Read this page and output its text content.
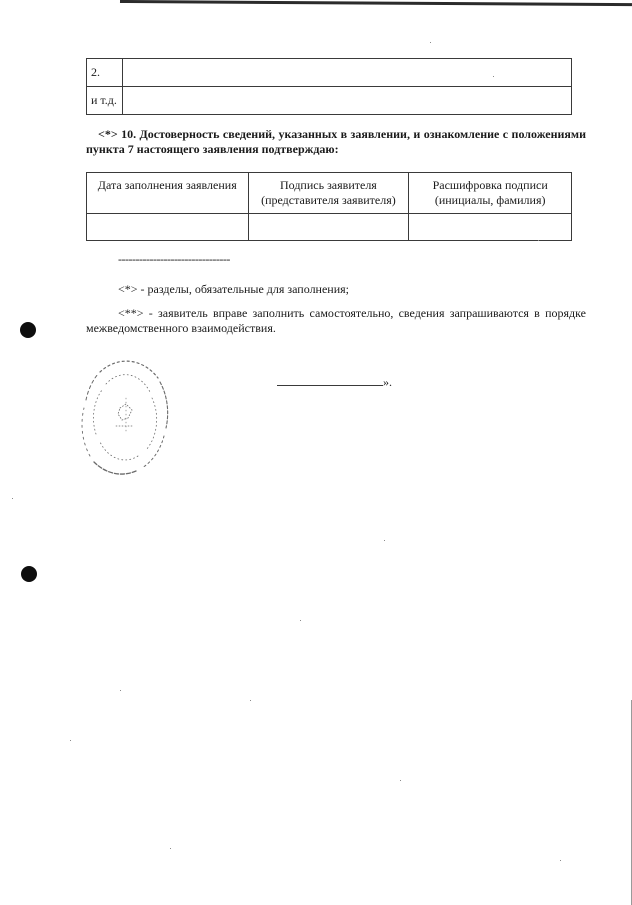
2.	
и т.д.	

<*> 10. Достоверность сведений, указанных в заявлении, и ознакомление с положениями пункта 7 настоящего заявления подтверждаю:

Дата заполнения заявления	Подпись заявителя (представителя заявителя)	Расшифровка подписи (инициалы, фамилия)

--------------------------------

<*> - разделы, обязательные для заполнения;

<**> - заявитель вправе заполнить самостоятельно, сведения запрашиваются в порядке межведомственного взаимодействия.

».
